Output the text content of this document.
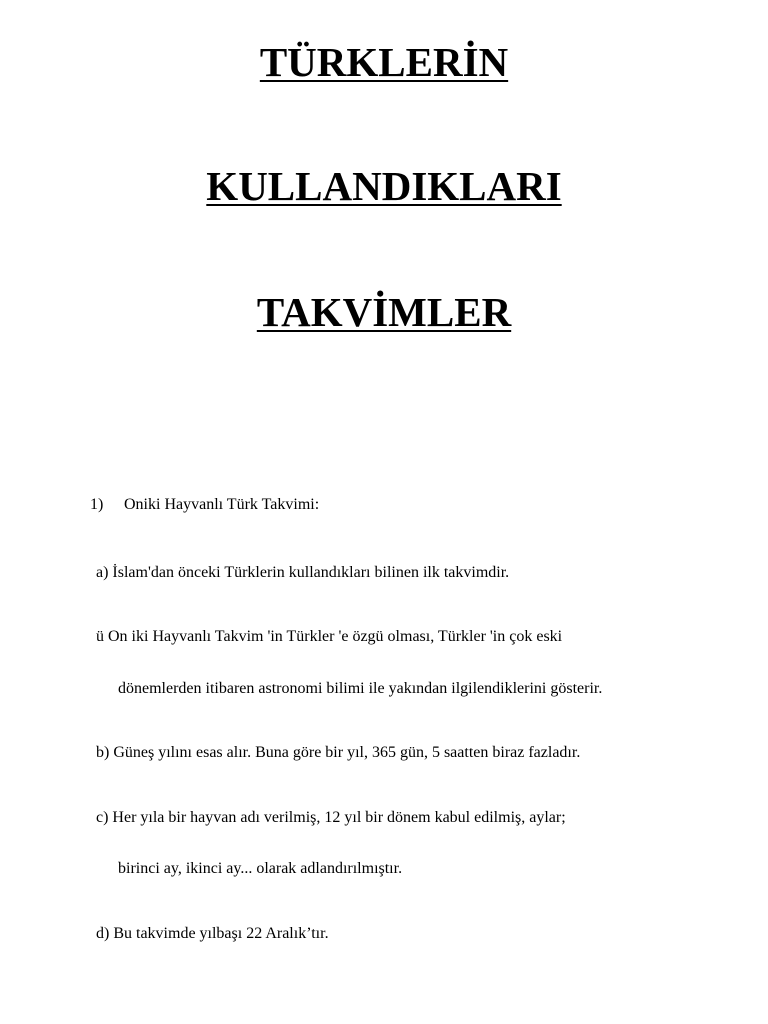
TÜRKLERİN
KULLANDIKLARI
TAKVİMLER

1) Oniki Hayvanlı Türk Takvimi:

a) İslam'dan önceki Türklerin kullandıkları bilinen ilk takvimdir.

ü On iki Hayvanlı Takvim 'in Türkler 'e özgü olması, Türkler 'in çok eski

dönemlerden itibaren astronomi bilimi ile yakından ilgilendiklerini gösterir.

b) Güneş yılını esas alır. Buna göre bir yıl, 365 gün, 5 saatten biraz fazladır.

c) Her yıla bir hayvan adı verilmiş, 12 yıl bir dönem kabul edilmiş, aylar;

birinci ay, ikinci ay... olarak adlandırılmıştır.

d) Bu takvimde yılbaşı 22 Aralık’tır.
